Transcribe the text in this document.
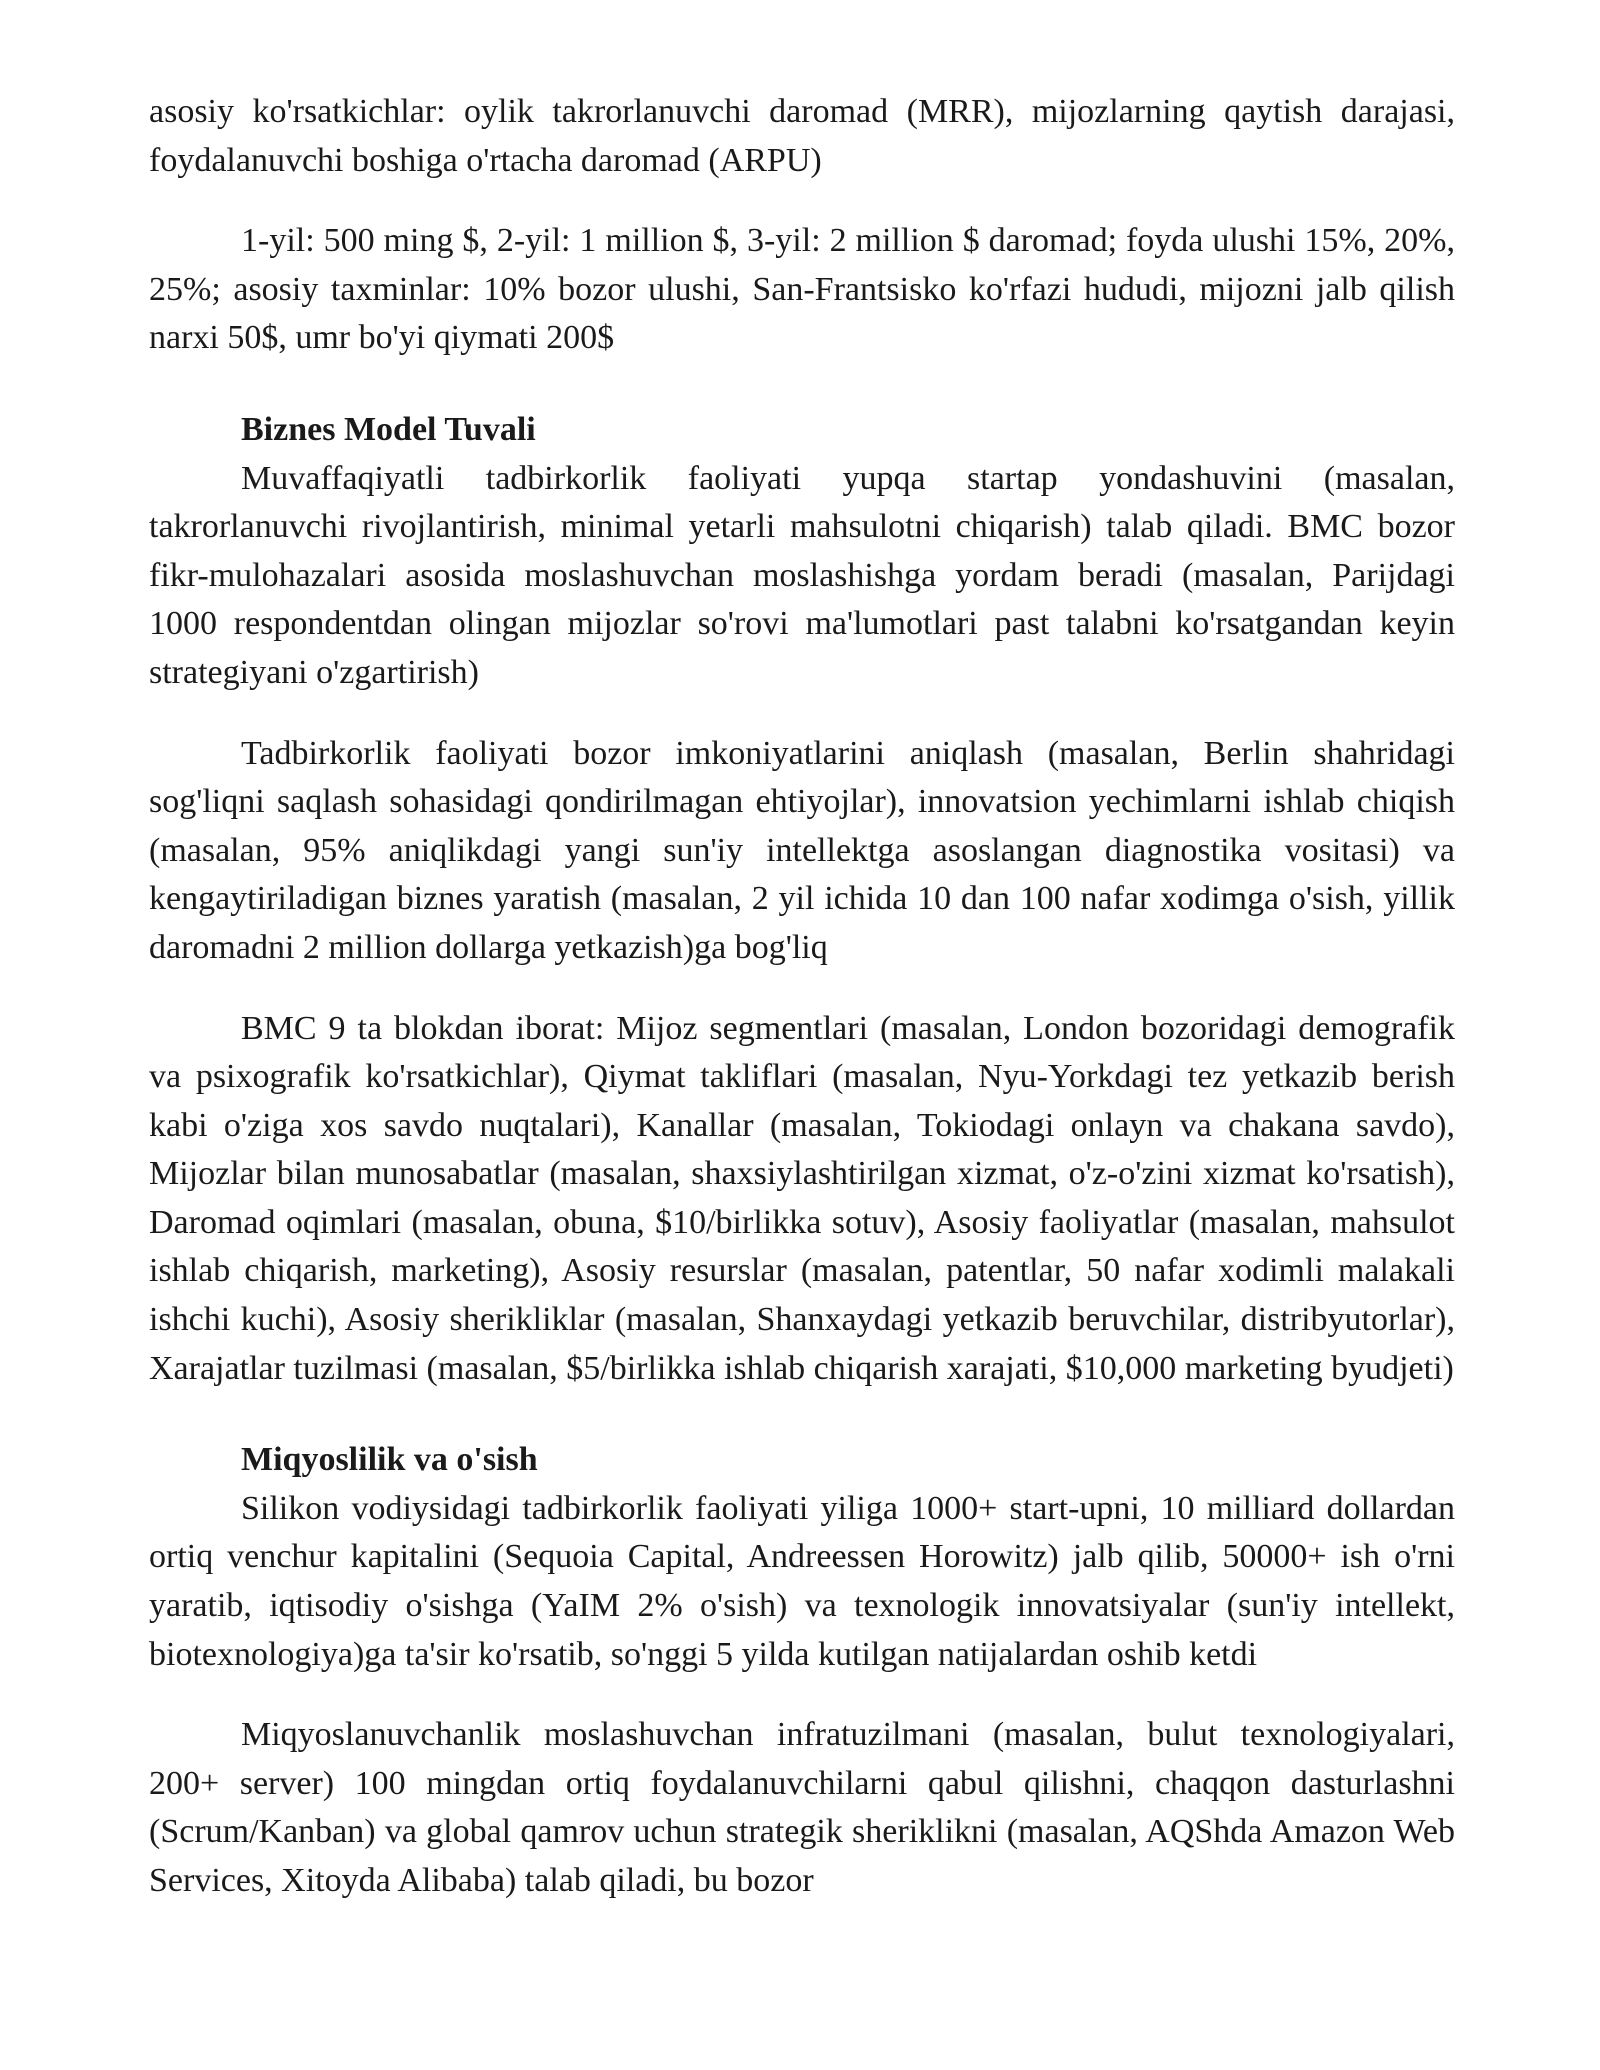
asosiy ko'rsatkichlar: oylik takrorlanuvchi daromad (MRR), mijozlarning qaytish darajasi, foydalanuvchi boshiga o'rtacha daromad (ARPU)

1-yil: 500 ming $, 2-yil: 1 million $, 3-yil: 2 million $ daromad; foyda ulushi 15%, 20%, 25%; asosiy taxminlar: 10% bozor ulushi, San-Frantsisko ko'rfazi hududi, mijozni jalb qilish narxi 50$, umr bo'yi qiymati 200$

Biznes Model Tuvali

Muvaffaqiyatli tadbirkorlik faoliyati yupqa startap yondashuvini (masalan, takrorlanuvchi rivojlantirish, minimal yetarli mahsulotni chiqarish) talab qiladi. BMC bozor fikr-mulohazalari asosida moslashuvchan moslashishga yordam beradi (masalan, Parijdagi 1000 respondentdan olingan mijozlar so'rovi ma'lumotlari past talabni ko'rsatgandan keyin strategiyani o'zgartirish)

Tadbirkorlik faoliyati bozor imkoniyatlarini aniqlash (masalan, Berlin shahridagi sog'liqni saqlash sohasidagi qondirilmagan ehtiyojlar), innovatsion yechimlarni ishlab chiqish (masalan, 95% aniqlikdagi yangi sun'iy intellektga asoslangan diagnostika vositasi) va kengaytiriladigan biznes yaratish (masalan, 2 yil ichida 10 dan 100 nafar xodimga o'sish, yillik daromadni 2 million dollarga yetkazish)ga bog'liq

BMC 9 ta blokdan iborat: Mijoz segmentlari (masalan, London bozoridagi demografik va psixografik ko'rsatkichlar), Qiymat takliflari (masalan, Nyu-Yorkdagi tez yetkazib berish kabi o'ziga xos savdo nuqtalari), Kanallar (masalan, Tokiodagi onlayn va chakana savdo), Mijozlar bilan munosabatlar (masalan, shaxsiylashtirilgan xizmat, o'z-o'zini xizmat ko'rsatish), Daromad oqimlari (masalan, obuna, $10/birlikka sotuv), Asosiy faoliyatlar (masalan, mahsulot ishlab chiqarish, marketing), Asosiy resurslar (masalan, patentlar, 50 nafar xodimli malakali ishchi kuchi), Asosiy sherikliklar (masalan, Shanxaydagi yetkazib beruvchilar, distribyutorlar), Xarajatlar tuzilmasi (masalan, $5/birlikka ishlab chiqarish xarajati, $10,000 marketing byudjeti)

Miqyoslilik va o'sish

Silikon vodiysidagi tadbirkorlik faoliyati yiliga 1000+ start-upni, 10 milliard dollardan ortiq venchur kapitalini (Sequoia Capital, Andreessen Horowitz) jalb qilib, 50000+ ish o'rni yaratib, iqtisodiy o'sishga (YaIM 2% o'sish) va texnologik innovatsiyalar (sun'iy intellekt, biotexnologiya)ga ta'sir ko'rsatib, so'nggi 5 yilda kutilgan natijalardan oshib ketdi

Miqyoslanuvchanlik moslashuvchan infratuzilmani (masalan, bulut texnologiyalari, 200+ server) 100 mingdan ortiq foydalanuvchilarni qabul qilishni, chaqqon dasturlashni (Scrum/Kanban) va global qamrov uchun strategik sheriklikni (masalan, AQShda Amazon Web Services, Xitoyda Alibaba) talab qiladi, bu bozor
